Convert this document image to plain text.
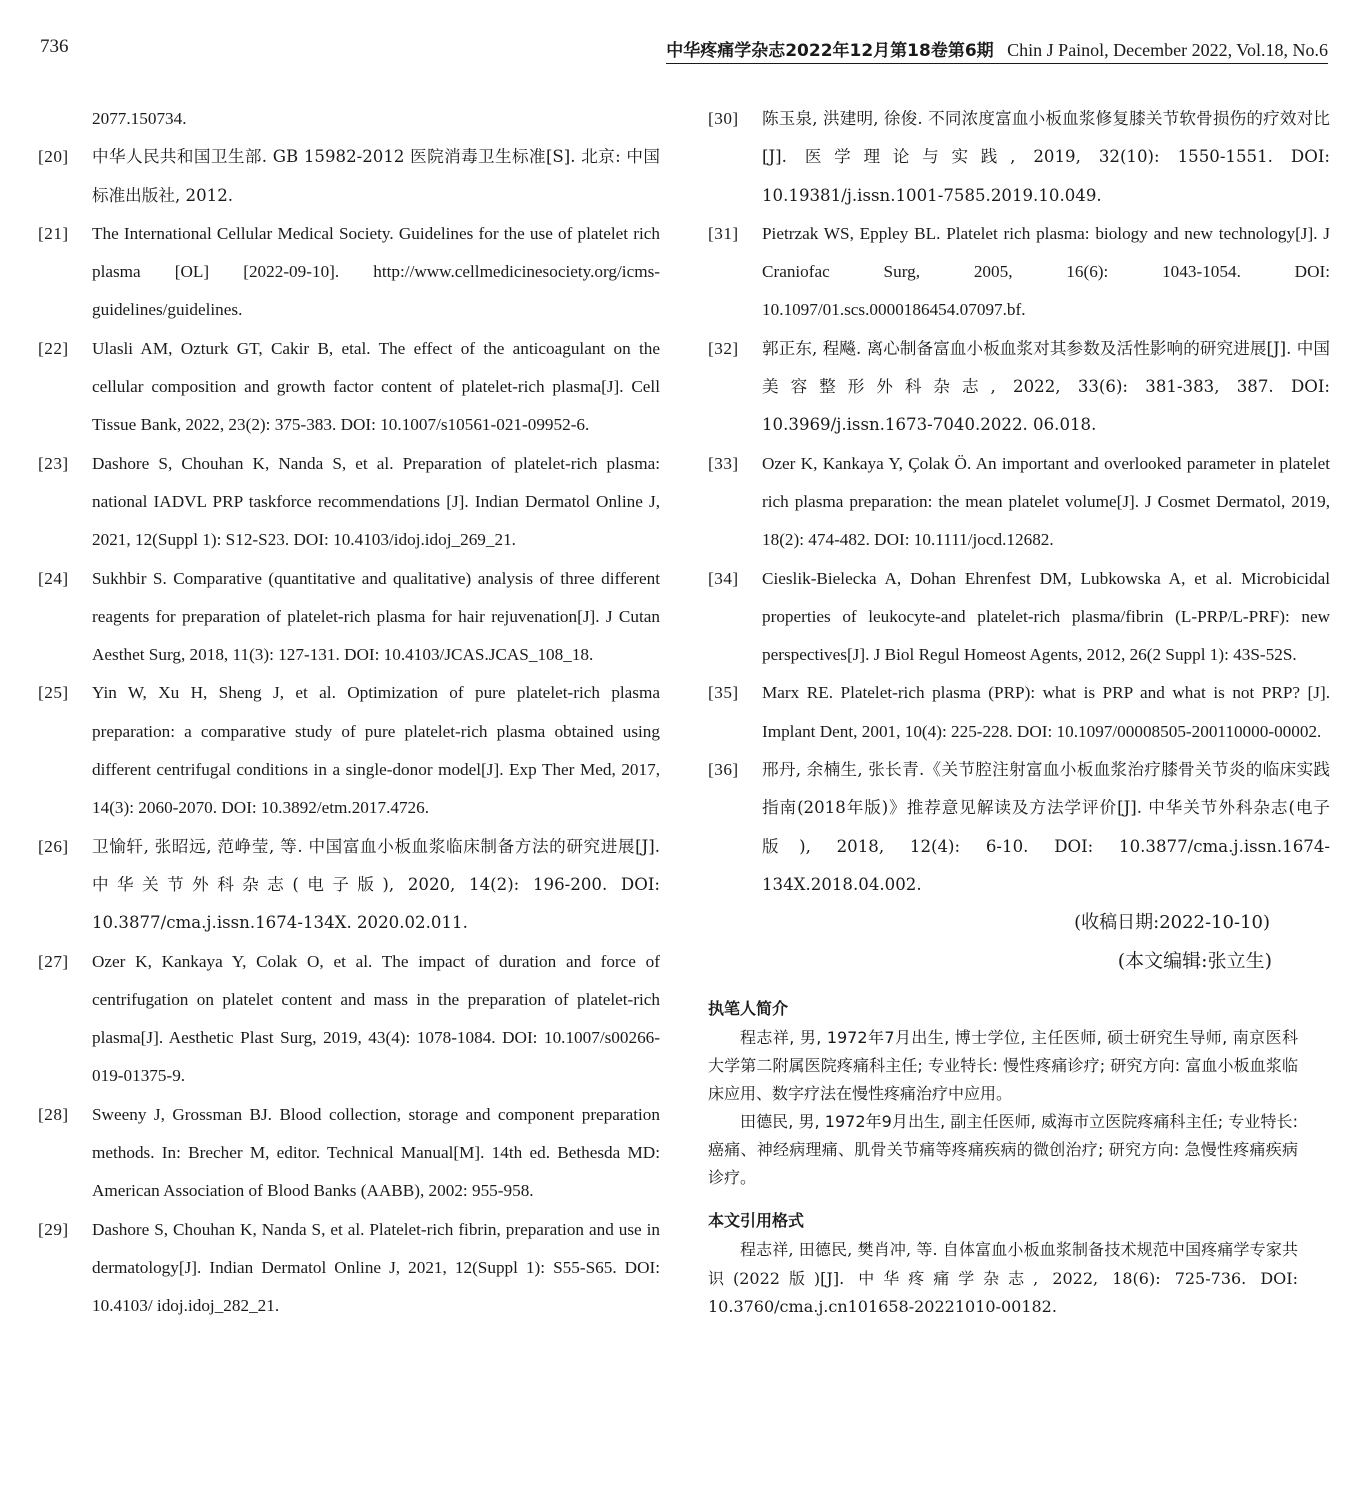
736	中华疼痛学杂志2022年12月第18卷第6期 Chin J Painol, December 2022, Vol.18, No.6
2077.150734.
[20]	中华人民共和国卫生部. GB 15982-2012 医院消毒卫生标准[S]. 北京: 中国标准出版社, 2012.
[21]	The International Cellular Medical Society. Guidelines for the use of platelet rich plasma [OL] [2022-09-10]. http://www.cellmedicinesociety.org/icms-guidelines/guidelines.
[22]	Ulasli AM, Ozturk GT, Cakir B, etal. The effect of the anticoagulant on the cellular composition and growth factor content of platelet-rich plasma[J]. Cell Tissue Bank, 2022, 23(2): 375-383. DOI: 10.1007/s10561-021-09952-6.
[23]	Dashore S, Chouhan K, Nanda S, et al. Preparation of platelet-rich plasma: national IADVL PRP taskforce recommendations [J]. Indian Dermatol Online J, 2021, 12(Suppl 1): S12-S23. DOI: 10.4103/idoj.idoj_269_21.
[24]	Sukhbir S. Comparative (quantitative and qualitative) analysis of three different reagents for preparation of platelet-rich plasma for hair rejuvenation[J]. J Cutan Aesthet Surg, 2018, 11(3): 127-131. DOI: 10.4103/JCAS.JCAS_108_18.
[25]	Yin W, Xu H, Sheng J, et al. Optimization of pure platelet-rich plasma preparation: a comparative study of pure platelet-rich plasma obtained using different centrifugal conditions in a single-donor model[J]. Exp Ther Med, 2017, 14(3): 2060-2070. DOI: 10.3892/etm.2017.4726.
[26]	卫愉轩, 张昭远, 范峥莹, 等. 中国富血小板血浆临床制备方法的研究进展[J]. 中华关节外科杂志(电子版), 2020, 14(2): 196-200. DOI: 10.3877/cma.j.issn.1674-134X. 2020.02.011.
[27]	Ozer K, Kankaya Y, Colak O, et al. The impact of duration and force of centrifugation on platelet content and mass in the preparation of platelet-rich plasma[J]. Aesthetic Plast Surg, 2019, 43(4): 1078-1084. DOI: 10.1007/s00266-019-01375-9.
[28]	Sweeny J, Grossman BJ. Blood collection, storage and component preparation methods. In: Brecher M, editor. Technical Manual[M]. 14th ed. Bethesda MD: American Association of Blood Banks (AABB), 2002: 955-958.
[29]	Dashore S, Chouhan K, Nanda S, et al. Platelet-rich fibrin, preparation and use in dermatology[J]. Indian Dermatol Online J, 2021, 12(Suppl 1): S55-S65. DOI: 10.4103/ idoj.idoj_282_21.
[30]	陈玉泉, 洪建明, 徐俊. 不同浓度富血小板血浆修复膝关节软骨损伤的疗效对比[J]. 医学理论与实践, 2019, 32(10): 1550-1551. DOI: 10.19381/j.issn.1001-7585.2019.10.049.
[31]	Pietrzak WS, Eppley BL. Platelet rich plasma: biology and new technology[J]. J Craniofac Surg, 2005, 16(6): 1043-1054. DOI: 10.1097/01.scs.0000186454.07097.bf.
[32]	郭正东, 程飚. 离心制备富血小板血浆对其参数及活性影响的研究进展[J]. 中国美容整形外科杂志, 2022, 33(6): 381-383, 387. DOI: 10.3969/j.issn.1673-7040.2022. 06.018.
[33]	Ozer K, Kankaya Y, Çolak Ö. An important and overlooked parameter in platelet rich plasma preparation: the mean platelet volume[J]. J Cosmet Dermatol, 2019, 18(2): 474-482. DOI: 10.1111/jocd.12682.
[34]	Cieslik-Bielecka A, Dohan Ehrenfest DM, Lubkowska A, et al. Microbicidal properties of leukocyte-and platelet-rich plasma/fibrin (L-PRP/L-PRF): new perspectives[J]. J Biol Regul Homeost Agents, 2012, 26(2 Suppl 1): 43S-52S.
[35]	Marx RE. Platelet-rich plasma (PRP): what is PRP and what is not PRP? [J]. Implant Dent, 2001, 10(4): 225-228. DOI: 10.1097/00008505-200110000-00002.
[36]	邢丹, 余楠生, 张长青.《关节腔注射富血小板血浆治疗膝骨关节炎的临床实践指南(2018年版)》推荐意见解读及方法学评价[J]. 中华关节外科杂志(电子版), 2018, 12(4): 6-10. DOI: 10.3877/cma.j.issn.1674-134X.2018.04.002.
(收稿日期:2022-10-10)
(本文编辑:张立生)
执笔人简介

程志祥, 男, 1972年7月出生, 博士学位, 主任医师, 硕士研究生导师, 南京医科大学第二附属医院疼痛科主任; 专业特长: 慢性疼痛诊疗; 研究方向: 富血小板血浆临床应用、数字疗法在慢性疼痛治疗中应用。

田德民, 男, 1972年9月出生, 副主任医师, 威海市立医院疼痛科主任; 专业特长: 癌痛、神经病理痛、肌骨关节痛等疼痛疾病的微创治疗; 研究方向: 急慢性疼痛疾病诊疗。

本文引用格式

程志祥, 田德民, 樊肖冲, 等. 自体富血小板血浆制备技术规范中国疼痛学专家共识(2022版)[J]. 中华疼痛学杂志, 2022, 18(6): 725-736. DOI: 10.3760/cma.j.cn101658-20221010-00182.
